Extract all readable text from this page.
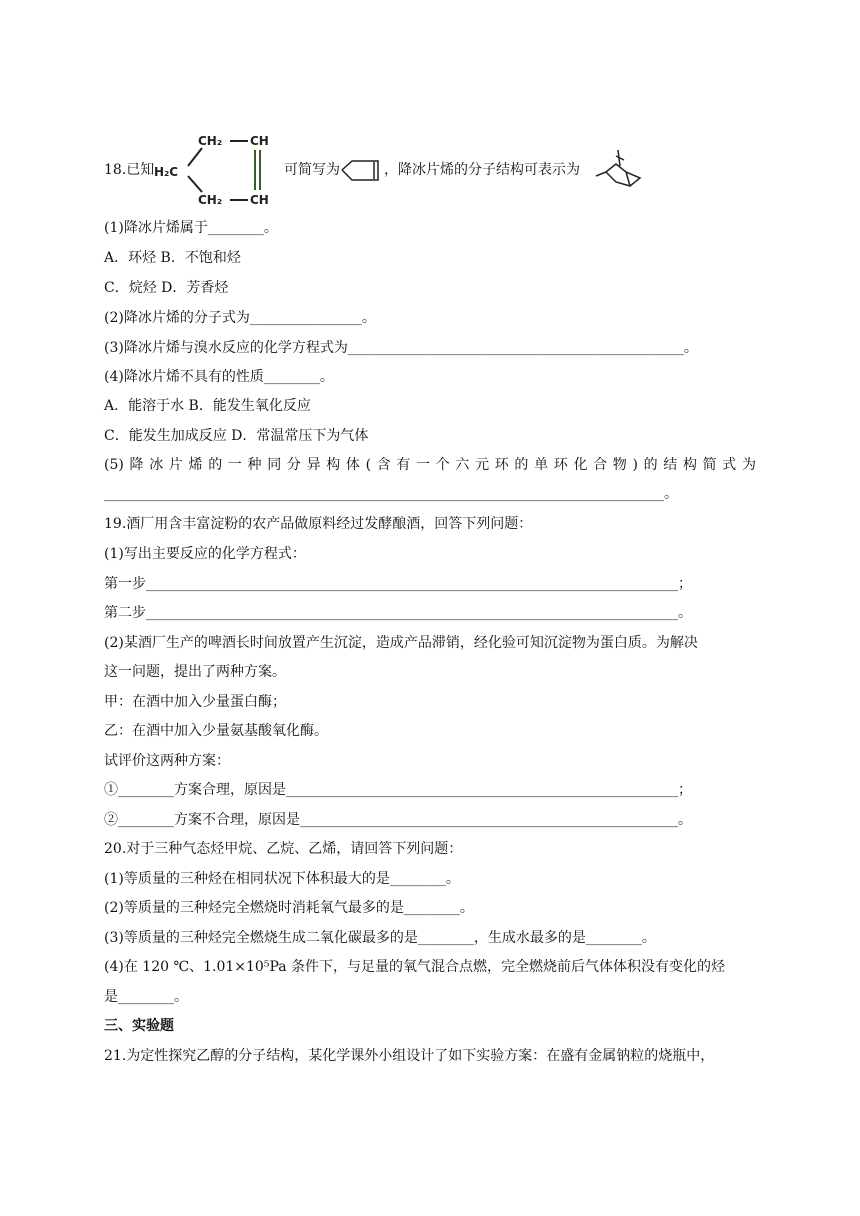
18.已知
CH₂ CH
H₂C
CH₂ CH
可简写为	，降冰片烯的分子结构可表示为
(1)降冰片烯属于________。
A．环烃 B．不饱和烃
C．烷烃 D．芳香烃
(2)降冰片烯的分子式为________________。
(3)降冰片烯与溴水反应的化学方程式为________________________________________________。
(4)降冰片烯不具有的性质________。
A．能溶于水 B．能发生氧化反应
C．能发生加成反应 D．常温常压下为气体
(5) 降 冰 片 烯 的 一 种 同 分 异 构 体 ( 含 有 一 个 六 元 环 的 单 环 化 合 物 ) 的 结 构 简 式 为
________________________________________________________________________________。
19.酒厂用含丰富淀粉的农产品做原料经过发酵酿酒，回答下列问题：
(1)写出主要反应的化学方程式：
第一步____________________________________________________________________________；
第二步____________________________________________________________________________。
(2)某酒厂生产的啤酒长时间放置产生沉淀，造成产品滞销，经化验可知沉淀物为蛋白质。为解决
这一问题，提出了两种方案。
甲：在酒中加入少量蛋白酶；
乙：在酒中加入少量氨基酸氧化酶。
试评价这两种方案：
①________方案合理，原因是________________________________________________________；
②________方案不合理，原因是______________________________________________________。
20.对于三种气态烃甲烷、乙烷、乙烯，请回答下列问题：
(1)等质量的三种烃在相同状况下体积最大的是________。
(2)等质量的三种烃完全燃烧时消耗氧气最多的是________。
(3)等质量的三种烃完全燃烧生成二氧化碳最多的是________，生成水最多的是________。
(4)在 120 ℃、1.01×10⁵Pa 条件下，与足量的氧气混合点燃，完全燃烧前后气体体积没有变化的烃
是________。
三、实验题
21.为定性探究乙醇的分子结构，某化学课外小组设计了如下实验方案：在盛有金属钠粒的烧瓶中，
